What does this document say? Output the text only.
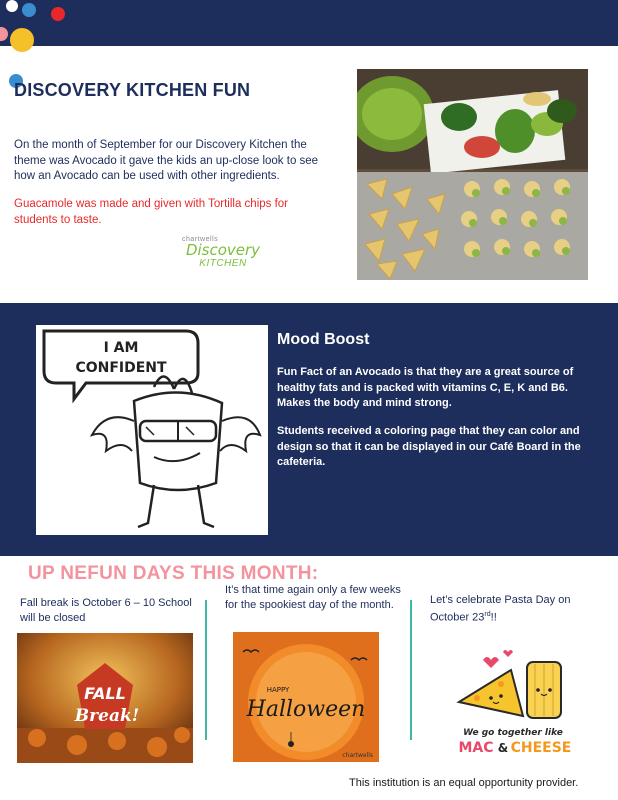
DISCOVERY KITCHEN FUN
On the month of September for our Discovery Kitchen the theme was Avocado it gave the kids an up-close look to see how an Avocado can be used with other ingredients.
Guacamole was made and given with Tortilla chips for students to taste.
chartwells
Discovery
KITCHEN
I AM
CONFIDENT
Mood Boost
Fun Fact of an Avocado is that they are a great source of healthy fats and is packed with vitamins C, E, K and B6. Makes the body and mind strong.
Students received a coloring page that they can color and design so that it can be displayed in our Café Board in the cafeteria.
UP NEFUN DAYS THIS MONTH:
Fall break is October 6 – 10 School will be closed
It’s that time again only a few weeks for the spookiest day of the month.	Let’s celebrate Pasta Day on October 23rd!!
FALL
Break!
HAPPY
Halloween
chartwells
We go together like
MAC & CHEESE
This institution is an equal opportunity provider.
